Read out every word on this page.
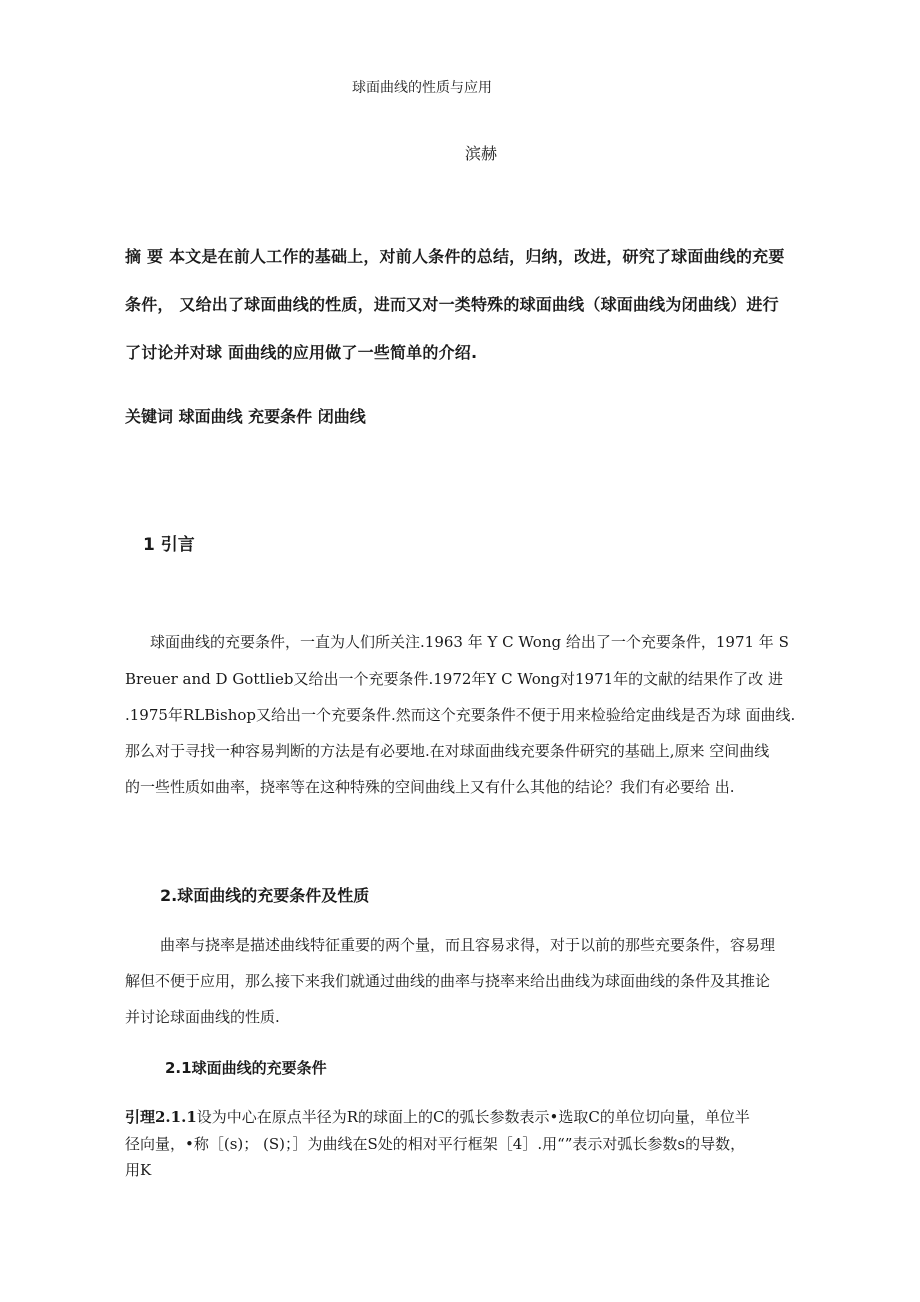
球面曲线的性质与应用
滨赫
摘 要 本文是在前人工作的基础上，对前人条件的总结，归纳，改进，研究了球面曲线的充要
条件， 又给出了球面曲线的性质，进而又对一类特殊的球面曲线（球面曲线为闭曲线）进行
了讨论并对球 面曲线的应用做了一些简单的介绍.
关键词 球面曲线 充要条件 闭曲线
1 引言
球面曲线的充要条件，一直为人们所关注.1963 年 Y C Wong 给出了一个充要条件，1971 年 S
Breuer and D Gottlieb又给出一个充要条件.1972年Y C Wong对1971年的文献的结果作了改 进
.1975年RLBishop又给出一个充要条件.然而这个充要条件不便于用来检验给定曲线是否为球 面曲线.
那么对于寻找一种容易判断的方法是有必要地.在对球面曲线充要条件研究的基础上,原来 空间曲线
的一些性质如曲率，挠率等在这种特殊的空间曲线上又有什么其他的结论？我们有必要给 出.
2.球面曲线的充要条件及性质
曲率与挠率是描述曲线特征重要的两个量，而且容易求得，对于以前的那些充要条件，容易理
解但不便于应用，那么接下来我们就通过曲线的曲率与挠率来给出曲线为球面曲线的条件及其推论
并讨论球面曲线的性质.
2.1球面曲线的充要条件
引理2.1.1设为中心在原点半径为R的球面上的C的弧长参数表示•选取C的单位切向量，单位半
径向量，•称［(s)； (S)；］为曲线在S处的相对平行框架［4］.用“”表示对弧长参数s的导数，
用K
